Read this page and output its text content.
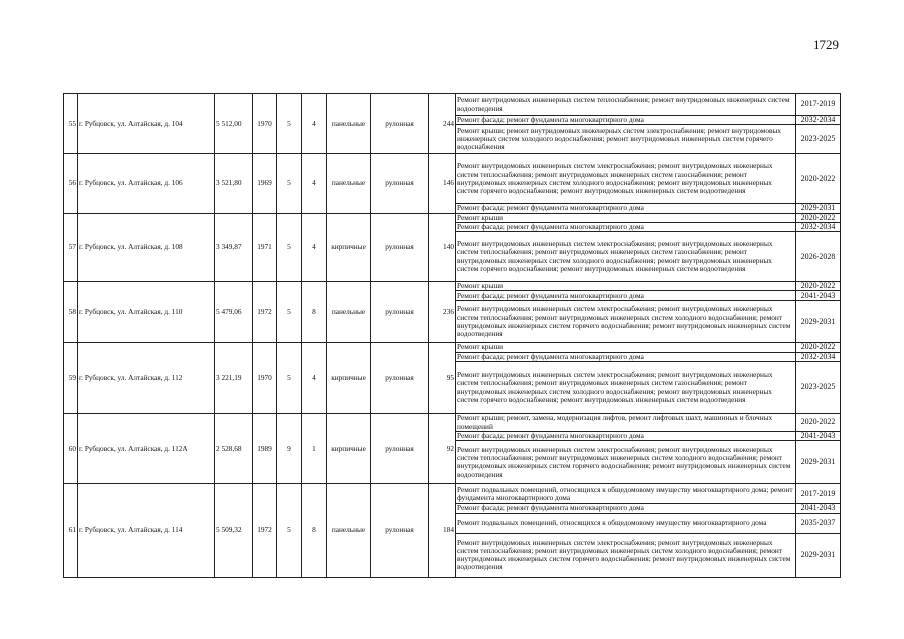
1729
55	г. Рубцовск, ул. Алтайская, д. 104	5 512,00	1970	5	4	панельные	рулонная	244	Ремонт внутридомовых инженерных систем теплоснабжения; ремонт внутридомовых инженерных систем водоотведения	2017-2019
									Ремонт фасада; ремонт фундамента многоквартирного дома	2032-2034
									Ремонт крыши; ремонт внутридомовых инженерных систем электроснабжения; ремонт внутридомовых инженерных систем холодного водоснабжения; ремонт внутридомовых инженерных систем горячего водоснабжения	2023-2025
56	г. Рубцовск, ул. Алтайская, д. 106	3 521,80	1969	5	4	панельные	рулонная	146	Ремонт внутридомовых инженерных систем электроснабжения; ремонт внутридомовых инженерных систем теплоснабжения; ремонт внутридомовых инженерных систем газоснабжения; ремонт внутридомовых инженерных систем холодного водоснабжения; ремонт внутридомовых инженерных систем горячего водоснабжения; ремонт внутридомовых инженерных систем водоотведения	2020-2022
									Ремонт фасада; ремонт фундамента многоквартирного дома	2029-2031
57	г. Рубцовск, ул. Алтайская, д. 108	3 349,87	1971	5	4	кирпичные	рулонная	140	Ремонт крыши	2020-2022
									Ремонт фасада; ремонт фундамента многоквартирного дома	2032-2034
									Ремонт внутридомовых инженерных систем электроснабжения; ремонт внутридомовых инженерных систем теплоснабжения; ремонт внутридомовых инженерных систем газоснабжения; ремонт внутридомовых инженерных систем холодного водоснабжения; ремонт внутридомовых инженерных систем горячего водоснабжения; ремонт внутридомовых инженерных систем водоотведения	2026-2028
58	г. Рубцовск, ул. Алтайская, д. 110	5 479,06	1972	5	8	панельные	рулонная	236	Ремонт крыши	2020-2022
									Ремонт фасада; ремонт фундамента многоквартирного дома	2041-2043
									Ремонт внутридомовых инженерных систем электроснабжения; ремонт внутридомовых инженерных систем теплоснабжения; ремонт внутридомовых инженерных систем холодного водоснабжения; ремонт внутридомовых инженерных систем горячего водоснабжения; ремонт внутридомовых инженерных систем водоотведения	2029-2031
59	г. Рубцовск, ул. Алтайская, д. 112	3 221,19	1970	5	4	кирпичные	рулонная	95	Ремонт крыши	2020-2022
									Ремонт фасада; ремонт фундамента многоквартирного дома	2032-2034
									Ремонт внутридомовых инженерных систем электроснабжения; ремонт внутридомовых инженерных систем теплоснабжения; ремонт внутридомовых инженерных систем газоснабжения; ремонт внутридомовых инженерных систем холодного водоснабжения; ремонт внутридомовых инженерных систем горячего водоснабжения; ремонт внутридомовых инженерных систем водоотведения	2023-2025
60	г. Рубцовск, ул. Алтайская, д. 112А	2 528,68	1989	9	1	кирпичные	рулонная	92	Ремонт крыши; ремонт, замена, модернизация лифтов, ремонт лифтовых шахт, машинных и блочных помещений	2020-2022
									Ремонт фасада; ремонт фундамента многоквартирного дома	2041-2043
									Ремонт внутридомовых инженерных систем электроснабжения; ремонт внутридомовых инженерных систем теплоснабжения; ремонт внутридомовых инженерных систем холодного водоснабжения; ремонт внутридомовых инженерных систем горячего водоснабжения; ремонт внутридомовых инженерных систем водоотведения	2029-2031
61	г. Рубцовск, ул. Алтайская, д. 114	5 509,32	1972	5	8	панельные	рулонная	184	Ремонт подвальных помещений, относящихся к общедомовому имуществу многоквартирного дома; ремонт фундамента многоквартирного дома	2017-2019
									Ремонт фасада; ремонт фундамента многоквартирного дома	2041-2043
									Ремонт подвальных помещений, относящихся к общедомовому имуществу многоквартирного дома	2035-2037
									Ремонт внутридомовых инженерных систем электроснабжения; ремонт внутридомовых инженерных систем теплоснабжения; ремонт внутридомовых инженерных систем холодного водоснабжения; ремонт внутридомовых инженерных систем горячего водоснабжения; ремонт внутридомовых инженерных систем водоотведения	2029-2031
